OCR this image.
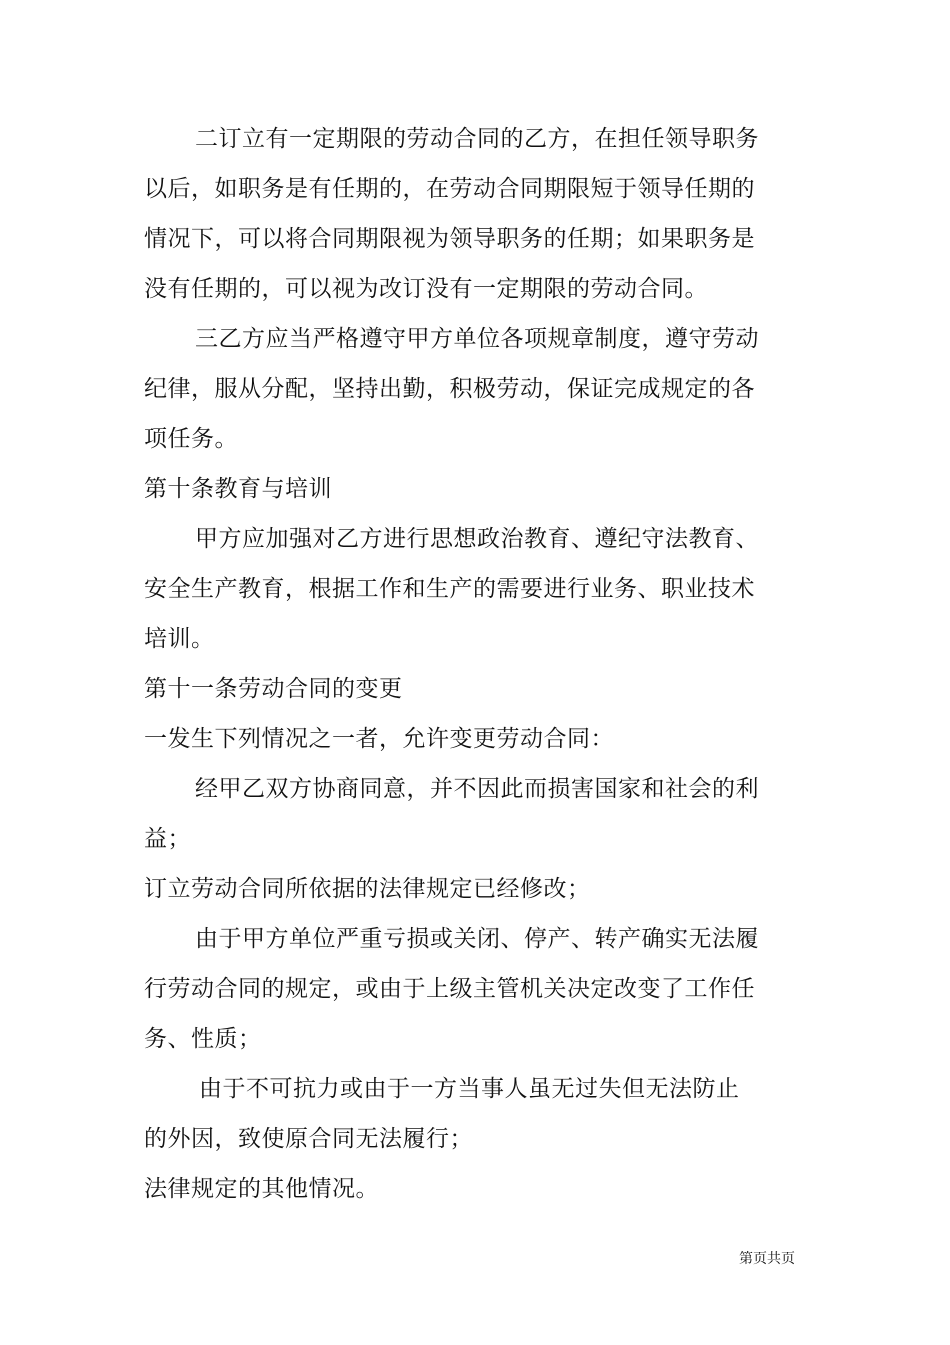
二订立有一定期限的劳动合同的乙方，在担任领导职务
以后，如职务是有任期的，在劳动合同期限短于领导任期的
情况下，可以将合同期限视为领导职务的任期；如果职务是
没有任期的，可以视为改订没有一定期限的劳动合同。
三乙方应当严格遵守甲方单位各项规章制度，遵守劳动
纪律，服从分配，坚持出勤，积极劳动，保证完成规定的各
项任务。
第十条教育与培训
甲方应加强对乙方进行思想政治教育、遵纪守法教育、
安全生产教育，根据工作和生产的需要进行业务、职业技术
培训。
第十一条劳动合同的变更
一发生下列情况之一者，允许变更劳动合同：
经甲乙双方协商同意，并不因此而损害国家和社会的利
益；
订立劳动合同所依据的法律规定已经修改；
由于甲方单位严重亏损或关闭、停产、转产确实无法履
行劳动合同的规定，或由于上级主管机关决定改变了工作任
务、性质；
由于不可抗力或由于一方当事人虽无过失但无法防止
的外因，致使原合同无法履行；
法律规定的其他情况。
第页共页
